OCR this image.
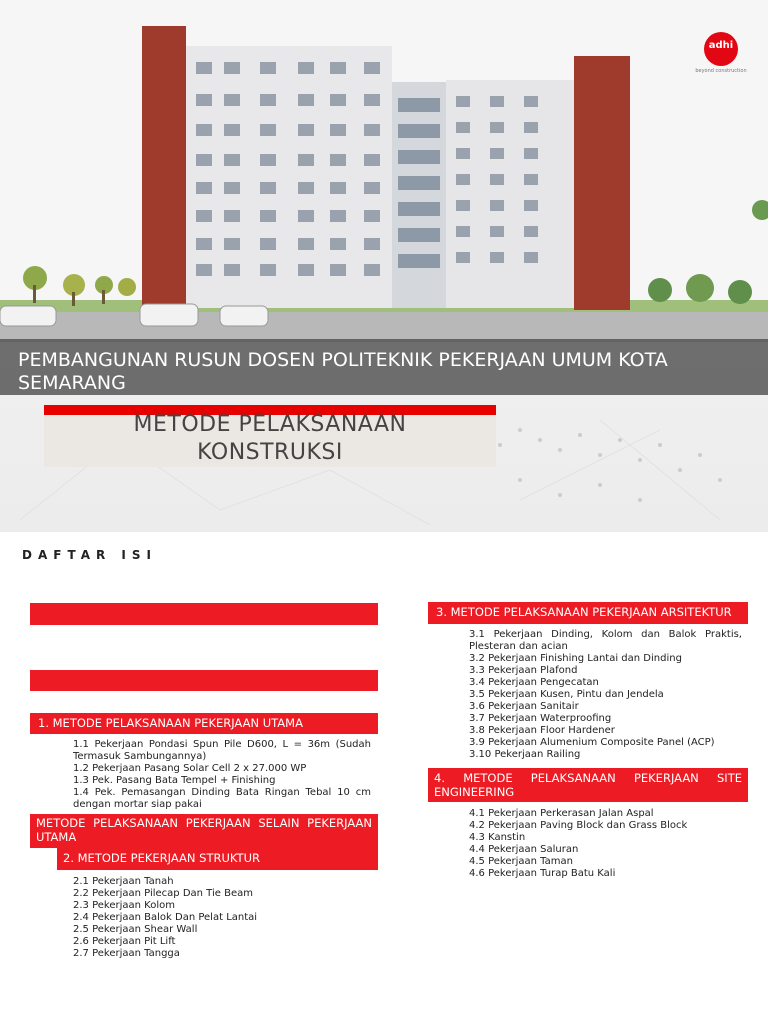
PEMBANGUNAN RUSUN DOSEN POLITEKNIK PEKERJAAN UMUM KOTA SEMARANG
METODE PELAKSANAAN
KONSTRUKSI
adhi
beyond construction
DAFTAR ISI
1. METODE PELAKSANAAN PEKERJAAN UTAMA
1.1 Pekerjaan Pondasi Spun Pile D600, L = 36m (Sudah Termasuk Sambungannya)
1.2 Pekerjaan Pasang Solar Cell 2 x 27.000 WP
1.3 Pek. Pasang Bata Tempel + Finishing
1.4 Pek. Pemasangan Dinding Bata Ringan Tebal 10 cm dengan mortar siap pakai
METODE PELAKSANAAN PEKERJAAN SELAIN PEKERJAAN UTAMA
2. METODE PEKERJAAN STRUKTUR
2.1 Pekerjaan Tanah
2.2 Pekerjaan Pilecap Dan Tie Beam
2.3 Pekerjaan Kolom
2.4 Pekerjaan Balok Dan Pelat Lantai
2.5 Pekerjaan Shear Wall
2.6 Pekerjaan Pit Lift
2.7 Pekerjaan Tangga
3. METODE PELAKSANAAN PEKERJAAN ARSITEKTUR
3.1 Pekerjaan Dinding, Kolom dan Balok Praktis, Plesteran dan acian
3.2 Pekerjaan Finishing Lantai dan Dinding
3.3 Pekerjaan Plafond
3.4 Pekerjaan Pengecatan
3.5 Pekerjaan Kusen, Pintu dan Jendela
3.6 Pekerjaan Sanitair
3.7 Pekerjaan Waterproofing
3.8 Pekerjaan Floor Hardener
3.9 Pekerjaan Alumenium Composite Panel (ACP)
3.10 Pekerjaan Railing
4. METODE PELAKSANAAN PEKERJAAN SITE ENGINEERING
4.1 Pekerjaan Perkerasan Jalan Aspal
4.2 Pekerjaan Paving Block dan Grass Block
4.3 Kanstin
4.4 Pekerjaan Saluran
4.5 Pekerjaan Taman
4.6 Pekerjaan Turap Batu Kali
